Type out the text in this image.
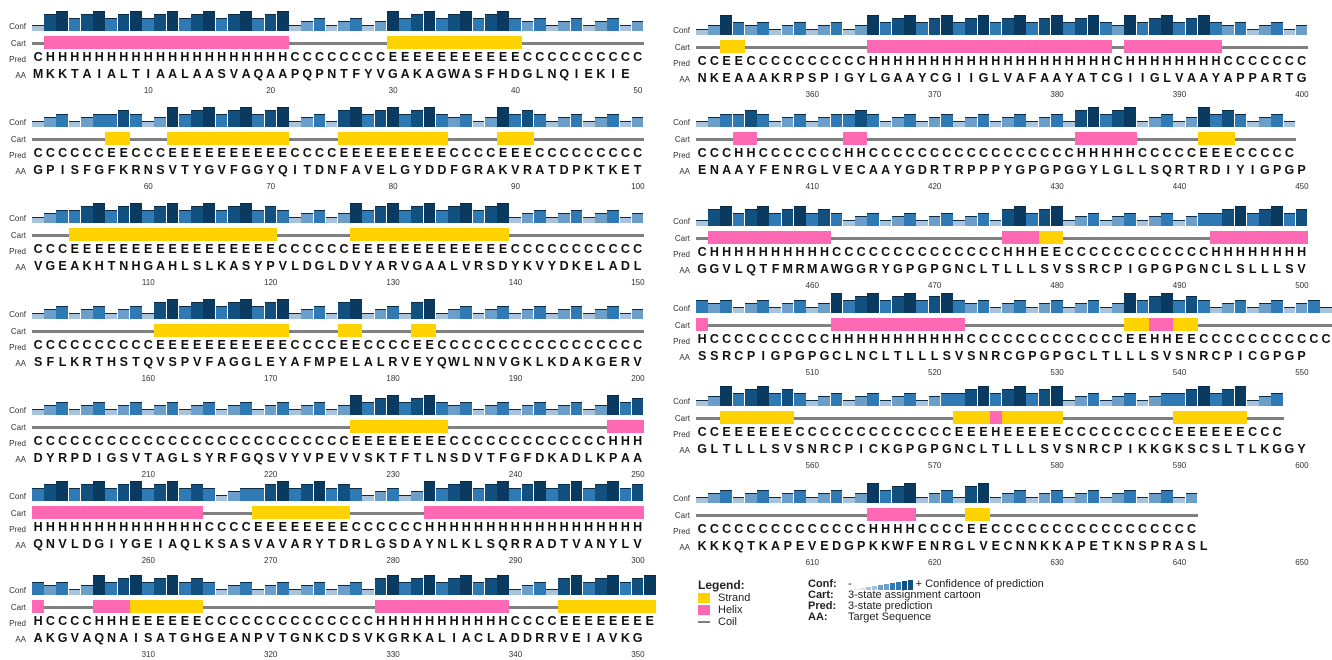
Conf
Cart
Pred
AA
C H H H H H H H H H H H H H H H H H H H H C C C C C C C C E E E E E E E E E E E C C C C C C C C C C
M K K T A I A L T I A A L A A S V A Q A A P Q P N T F Y V G A K A GW A S F H D G L N Q I E K I E
10	20	30	40	50
Conf
Cart
Pred
AA
C C C C C C E E C C C E E E E E E E E E E C C C C E E E E E E E E E C C C C E E E C C C C C C C C C
G P I S F G F K R N S V T Y G V F G G Y Q I T D N F A V E L G Y D D F G R A K V R A T D P K T K E T
60	70	80	90	100
Conf
Cart
Pred
AA
C C C E E E E E E E E E E E E E E E E E C C C C C C E E E E E E E E E E E E E C C C C C C C C C C C
V G E A K H T N H G A H L S L K A S Y P V L D G L D V Y A R V G A A L V R S D Y K V Y D K E L A D L
110	120	130	140	150
Conf
Cart
Pred
AA
C C C C C C C C C C E E E E E E E E E E E C C C C E E C C C C E E C C C C C C C C C C C C C C C C C
S F L K R T H S T Q V S P V F A G G L E Y A F M P E L A L R V E Y QW L N N V G K L K D A K G E R V
160	170	180	190	200
Conf
Cart
Pred
AA
C C C C C C C C C C C C C C C C C C C C C C C C C C E E E E E E E E C C C C C C C C C C C C C H H H
D Y R P D I G S V T A G L S Y R F G Q S V Y V P E V V S K T F T L N S D V T F G F D K A D L K P A A
210	220	230	240	250
Conf
Cart
Pred
AA
H H H H H H H H H H H H H H C C C C E E E E E E E E C C C C C C H H H H H H H H H H H H H H H H H H
Q N V L D G I Y G E I A Q L K S A S V A V A R Y T D R L G S D A Y N L K L S Q R R A D T V A N Y L V
260	270	280	290	300
Conf
Cart
Pred
AA
H C C C C H H H E E E E E E C C C C C C C C C C C C C C H H H H H H H H H H H C C C C E E E E E E E E
A K G V A Q N A I S A T G H G E A N P V T G N K C D S V K G R K A L I A C L A D D R R V E I A V K G
310	320	330	340	350
Conf
Cart
Pred
AA
C C E E C C C C C C C C C C H H H H H H H H H H H H H H H H H H H H C H H H H H H H H C C C C C C C
N K E A A A K R P S P I G Y L G A A Y C G I I G L V A F A A Y A T C G I I G L V A A Y A P P A R T G
360	370	380	390	400
Conf
Cart
Pred
AA
C C C H H C C C C C C C H H C C C C C C C C C C C C C C C C C H H H H H C C C C C E E E C C C C C
E N A A Y F E N R G L V E C A A Y G D R T R P P P Y G P G P G G Y L G L L S Q R T R D I Y I G P G P
410	420	430	440	450
Conf
Cart
Pred
AA
C H H H H H H H H H H C C C C C C C C C C C C C C H H H E E C C C C C C C C C C C C H H H H H H H H
G G V L Q T F M R M A WG G R Y G P G P G N C L T L L L S V S S R C P I G P G P G N C L S L L L S V
460	470	480	490	500
Conf
Cart
Pred
AA
H C C C C C C C C C C H H H H H H H H H H H C C C C C C C C C C C C C E E H H E E C C C C C C C C C C C
S S R C P I G P G P G C L N C L T L L L S V S N R C G P G P G C L T L L L S V S N R C P I C G P G P
510	520	530	540	550
Conf
Cart
Pred
AA
C C E E E E E E C C C C C C C C C C C C C E E E H E E E E E C C C C C C C C C E E E E E E C C C
G L T L L L S V S N R C P I C K G P G P G N C L T L L L S V S N R C P I K K G K S C S L T L K G G Y
560	570	580	590	600
Conf
Cart
Pred
AA
C C C C C C C C C C C C C C H H H H C C C C E E C C C C C C C C C C C C C C C C C
K K K Q T K A P E V E D G P K K W F E N R G L V E C N N K K A P E T K N S P R A S L
610	620	630	640	650
Legend:
Strand
Helix
Coil
Conf: -	+ Confidence of prediction
Cart: 3-state assignment cartoon
Pred: 3-state prediction
AA: Target Sequence
